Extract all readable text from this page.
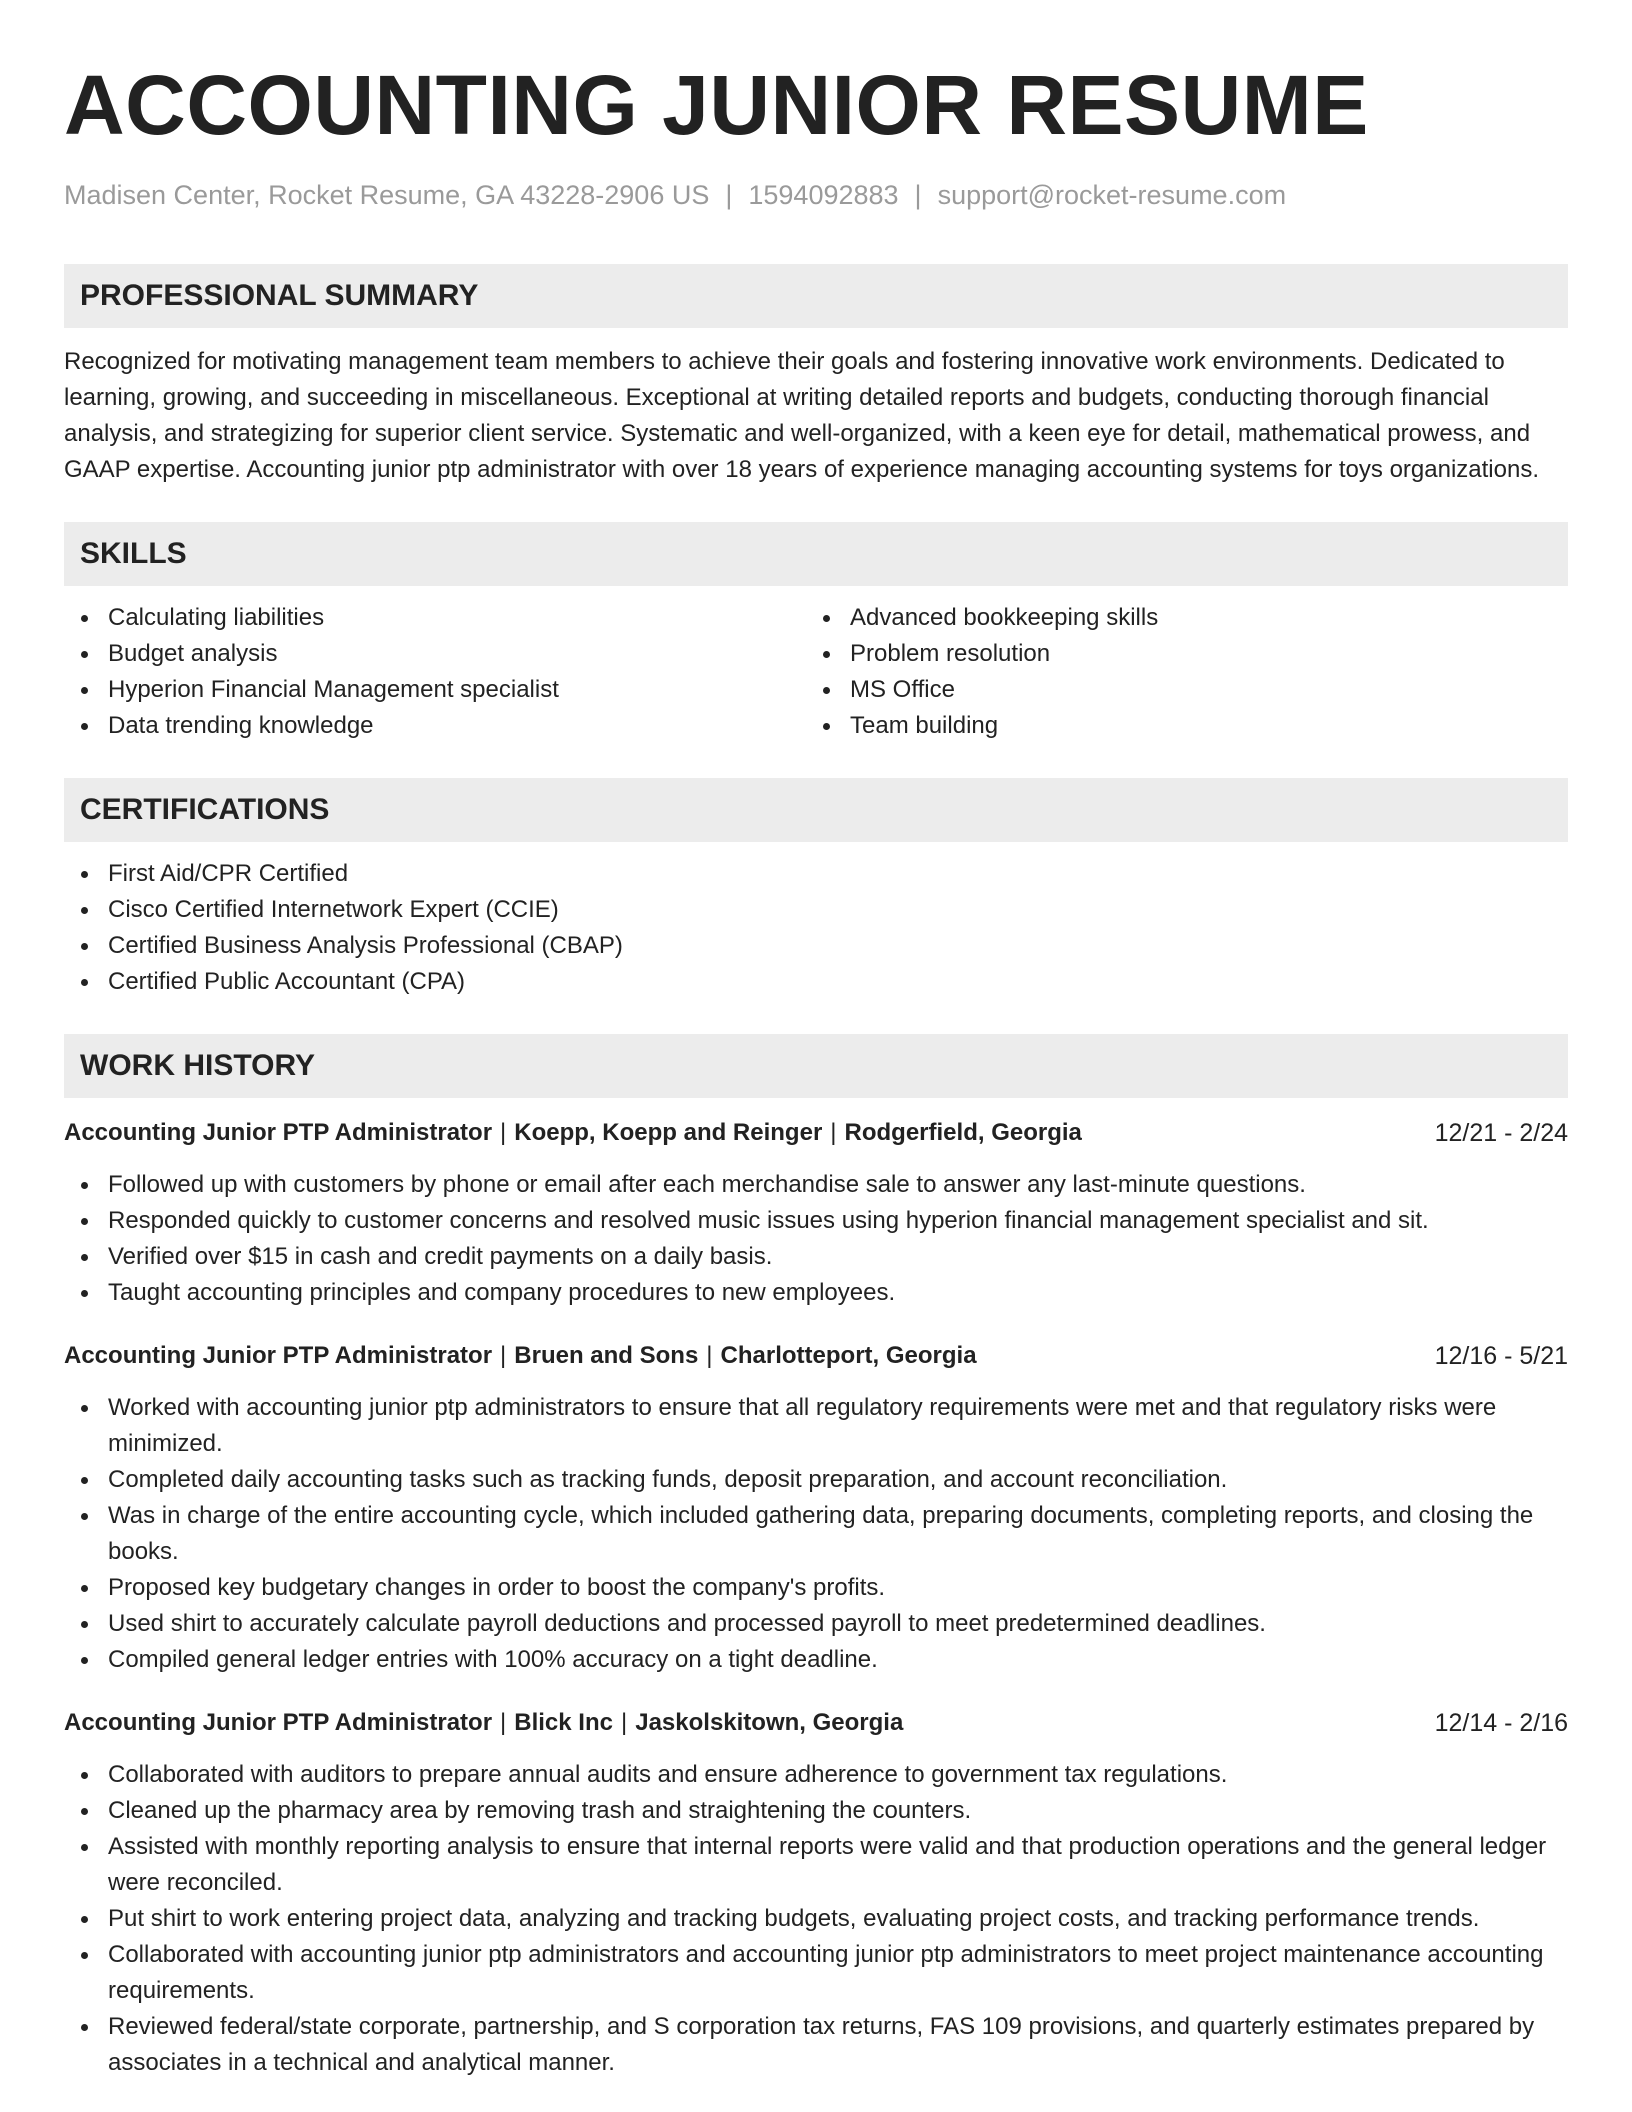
ACCOUNTING JUNIOR RESUME
Madisen Center, Rocket Resume, GA 43228-2906 US | 1594092883 | support@rocket-resume.com
PROFESSIONAL SUMMARY

Recognized for motivating management team members to achieve their goals and fostering innovative work environments. Dedicated to learning, growing, and succeeding in miscellaneous. Exceptional at writing detailed reports and budgets, conducting thorough financial analysis, and strategizing for superior client service. Systematic and well-organized, with a keen eye for detail, mathematical prowess, and GAAP expertise. Accounting junior ptp administrator with over 18 years of experience managing accounting systems for toys organizations.

SKILLS
Calculating liabilities
Budget analysis
Hyperion Financial Management specialist
Data trending knowledge
Advanced bookkeeping skills
Problem resolution
MS Office
Team building
CERTIFICATIONS
First Aid/CPR Certified
Cisco Certified Internetwork Expert (CCIE)
Certified Business Analysis Professional (CBAP)
Certified Public Accountant (CPA)
WORK HISTORY
Accounting Junior PTP Administrator | Koepp, Koepp and Reinger | Rodgerfield, Georgia	12/21 - 2/24
Followed up with customers by phone or email after each merchandise sale to answer any last-minute questions.
Responded quickly to customer concerns and resolved music issues using hyperion financial management specialist and sit.
Verified over $15 in cash and credit payments on a daily basis.
Taught accounting principles and company procedures to new employees.
Accounting Junior PTP Administrator | Bruen and Sons | Charlotteport, Georgia	12/16 - 5/21
Worked with accounting junior ptp administrators to ensure that all regulatory requirements were met and that regulatory risks were minimized.
Completed daily accounting tasks such as tracking funds, deposit preparation, and account reconciliation.
Was in charge of the entire accounting cycle, which included gathering data, preparing documents, completing reports, and closing the books.
Proposed key budgetary changes in order to boost the company's profits.
Used shirt to accurately calculate payroll deductions and processed payroll to meet predetermined deadlines.
Compiled general ledger entries with 100% accuracy on a tight deadline.
Accounting Junior PTP Administrator | Blick Inc | Jaskolskitown, Georgia	12/14 - 2/16
Collaborated with auditors to prepare annual audits and ensure adherence to government tax regulations.
Cleaned up the pharmacy area by removing trash and straightening the counters.
Assisted with monthly reporting analysis to ensure that internal reports were valid and that production operations and the general ledger were reconciled.
Put shirt to work entering project data, analyzing and tracking budgets, evaluating project costs, and tracking performance trends.
Collaborated with accounting junior ptp administrators and accounting junior ptp administrators to meet project maintenance accounting requirements.
Reviewed federal/state corporate, partnership, and S corporation tax returns, FAS 109 provisions, and quarterly estimates prepared by associates in a technical and analytical manner.
